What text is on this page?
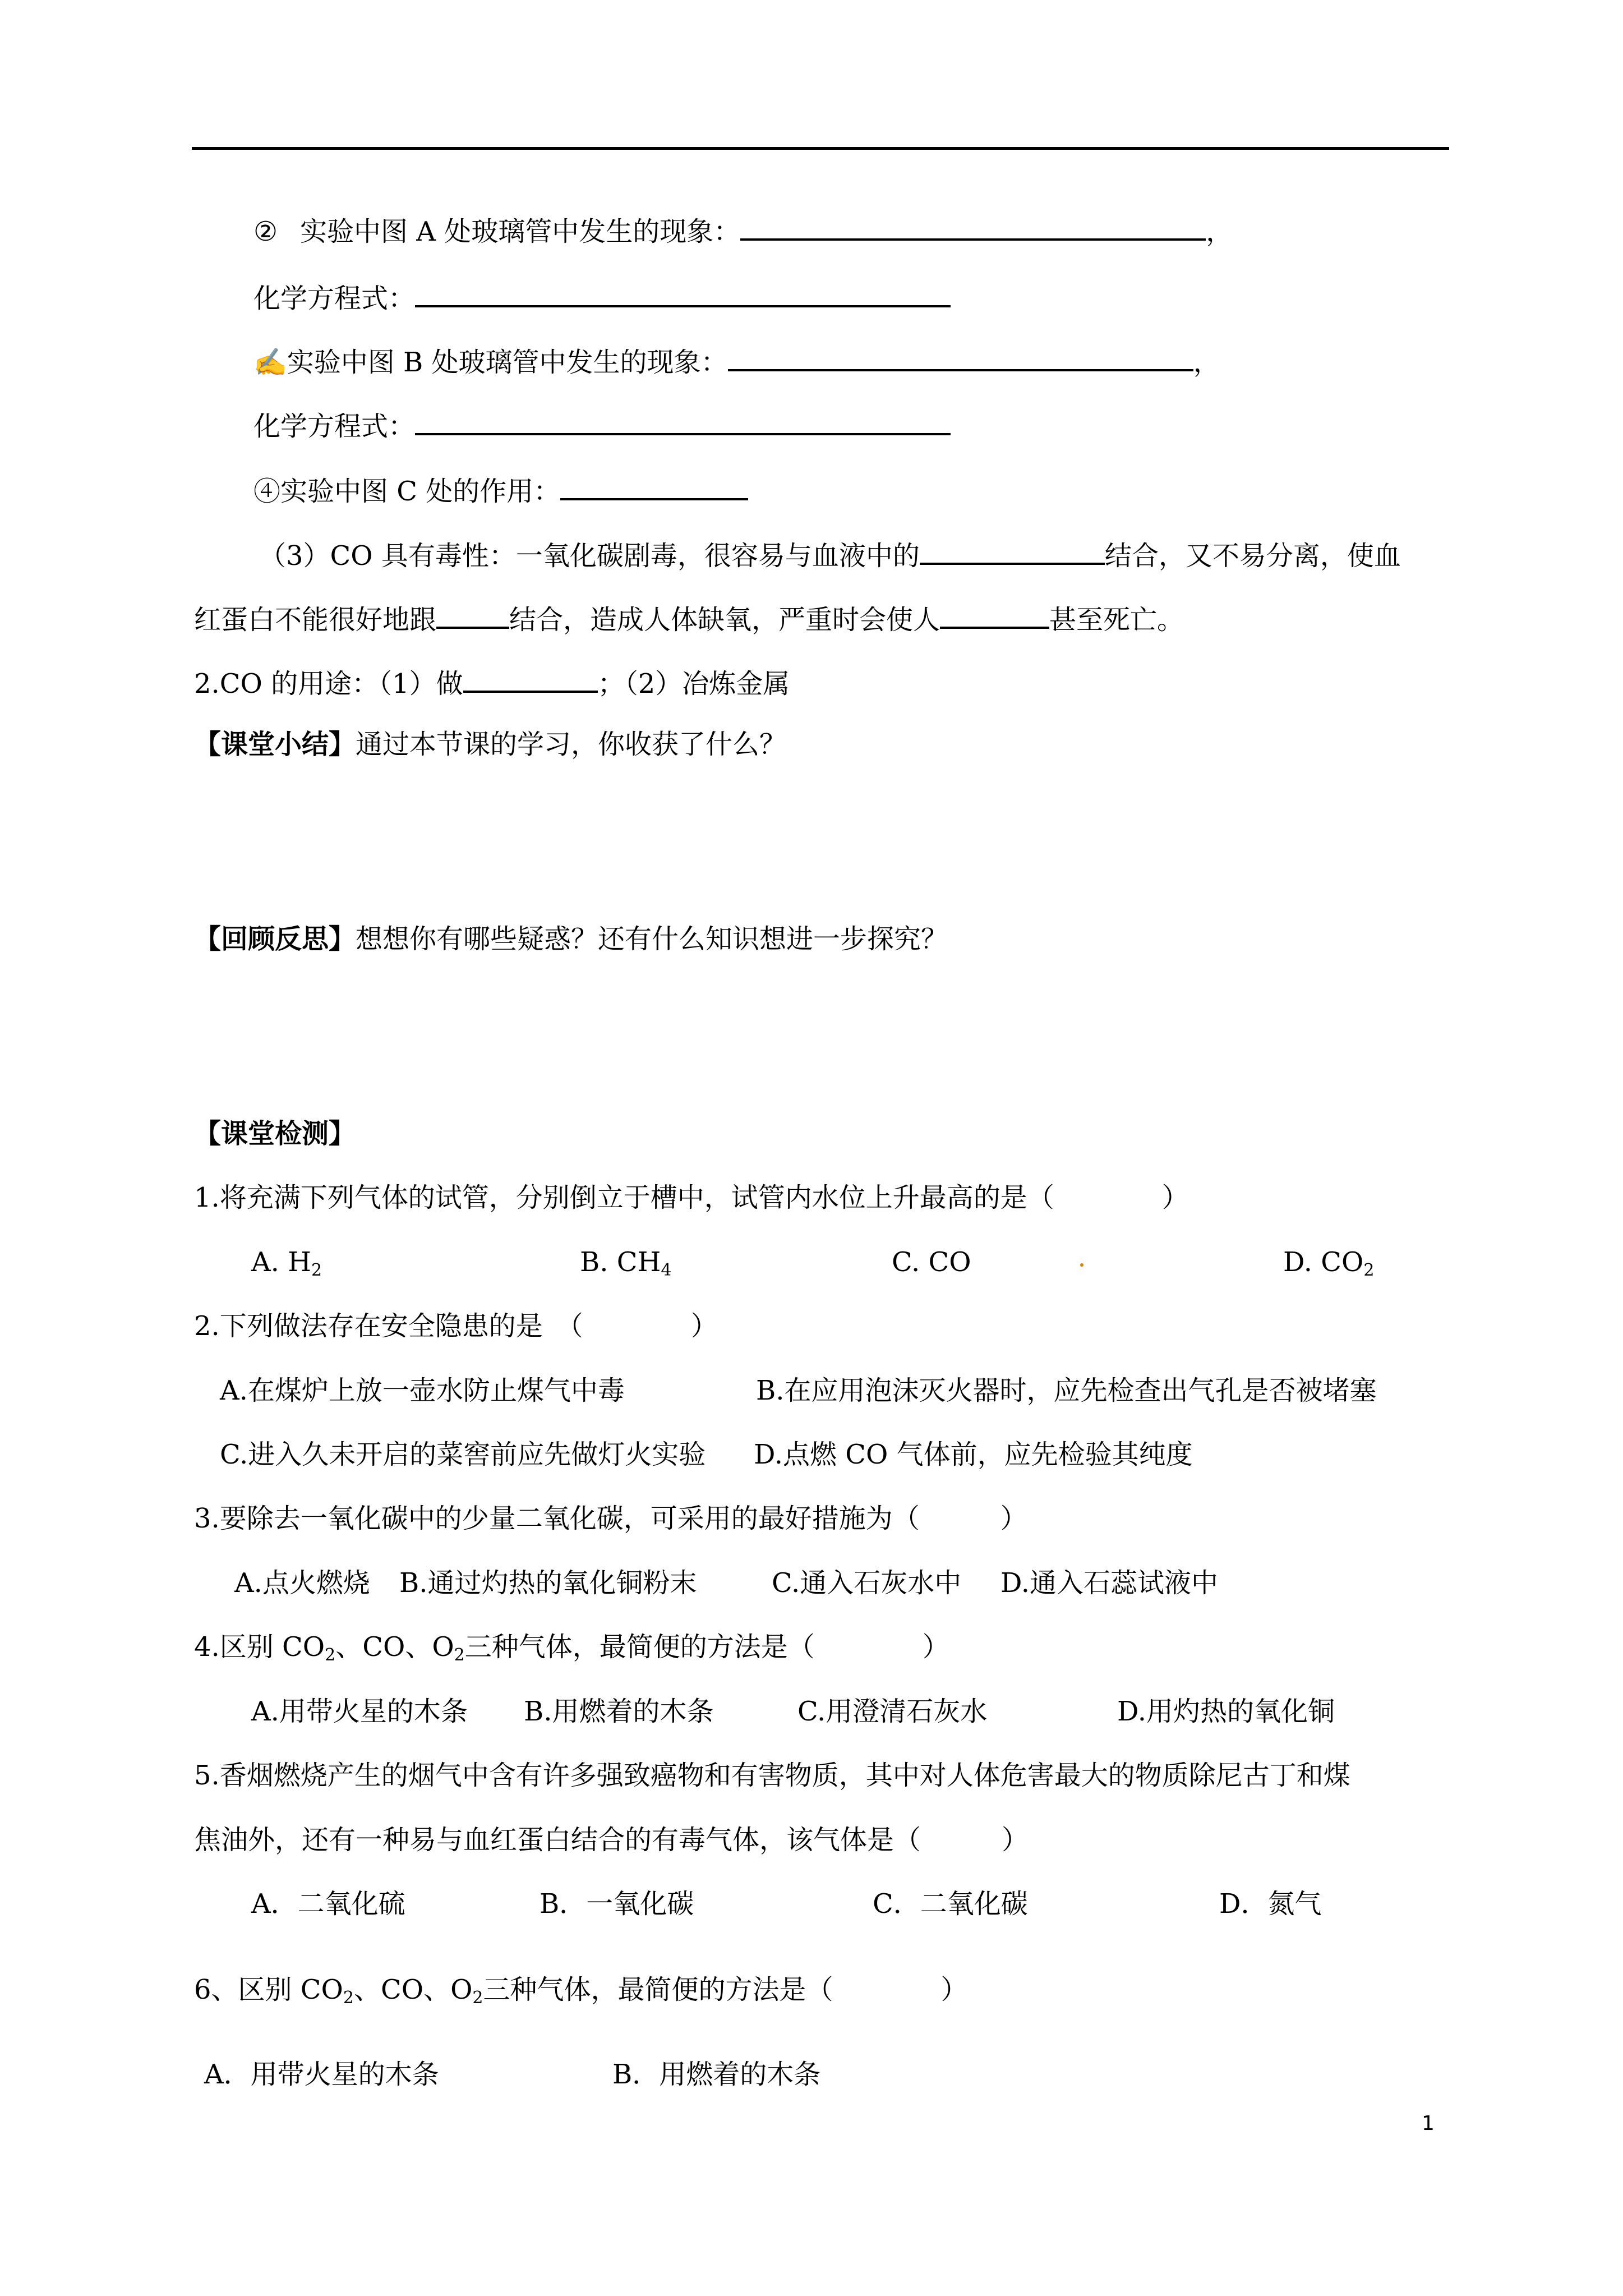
② 实验中图 A 处玻璃管中发生的现象：	，
化学方程式：
✍实验中图 B 处玻璃管中发生的现象：	，
化学方程式：
④实验中图 C 处的作用：
（3）CO 具有毒性：一氧化碳剧毒，很容易与血液中的	结合，又不易分离，使血
红蛋白不能很好地跟	结合，造成人体缺氧，严重时会使人	甚至死亡。
2.CO 的用途：（1）做	；（2）冶炼金属
【课堂小结】通过本节课的学习，你收获了什么？
【回顾反思】想想你有哪些疑惑？还有什么知识想进一步探究？
【课堂检测】
1.将充满下列气体的试管，分别倒立于槽中，试管内水位上升最高的是（　　　　）
A. $H_2$	B. $CH_4$	C. CO	D. $CO_2$
2.下列做法存在安全隐患的是　（　　　　）
A.在煤炉上放一壶水防止煤气中毒	B.在应用泡沫灭火器时，应先检查出气孔是否被堵塞
C.进入久未开启的菜窖前应先做灯火实验 D.点燃 CO 气体前，应先检验其纯度
3.要除去一氧化碳中的少量二氧化碳，可采用的最好措施为（　　　）
A.点火燃烧 B.通过灼热的氧化铜粉末	C.通入石灰水中 D.通入石蕊试液中
4.区别 $CO_2$、CO、$O_2$三种气体，最简便的方法是（　　　　）
A.用带火星的木条 B.用燃着的木条	C.用澄清石灰水	D.用灼热的氧化铜
5.香烟燃烧产生的烟气中含有许多强致癌物和有害物质，其中对人体危害最大的物质除尼古丁和煤
焦油外，还有一种易与血红蛋白结合的有毒气体，该气体是（　　　）
A．二氧化硫	B．一氧化碳	C．二氧化碳	D．氮气
6、区别 $CO_2$、CO、$O_2$三种气体，最简便的方法是（　　　　）
A．用带火星的木条	B．用燃着的木条
1
